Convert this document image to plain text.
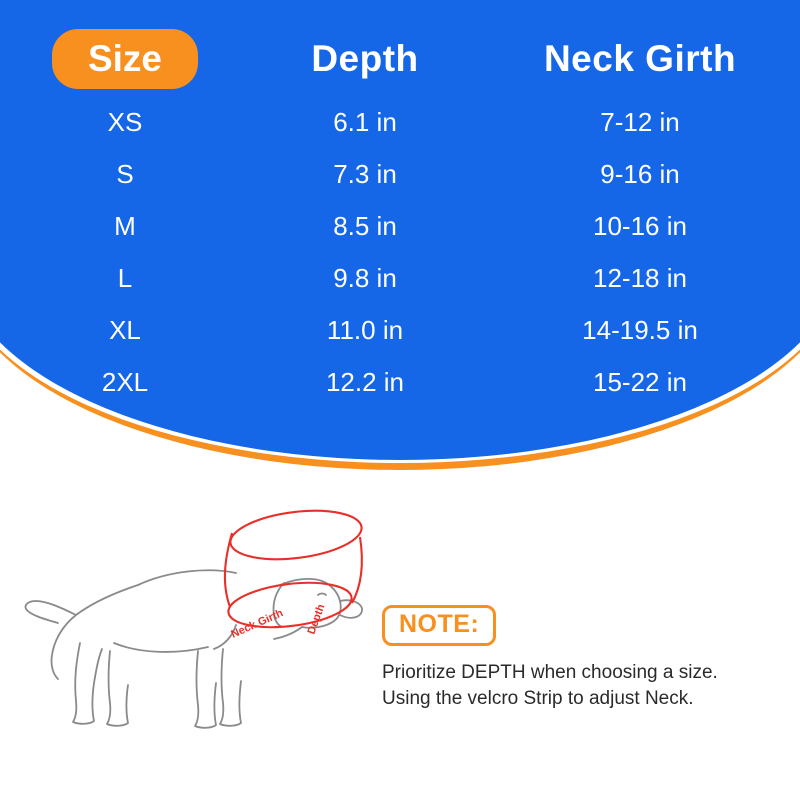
Size	Depth	Neck Girth
XS	6.1 in	7-12 in
S	7.3 in	9-16 in
M	8.5 in	10-16 in
L	9.8 in	12-18 in
XL	11.0 in	14-19.5 in
2XL	12.2 in	15-22 in
Neck Girth Depth	NOTE:
Prioritize DEPTH when choosing a size.
Using the velcro Strip to adjust Neck.
